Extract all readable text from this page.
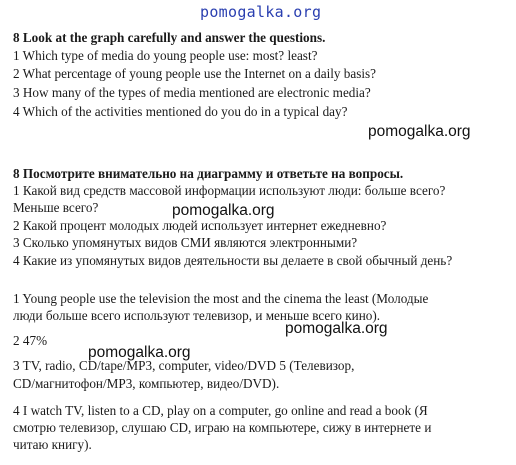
pomogalka.org
8 Look at the graph carefully and answer the questions.
1 Which type of media do young people use: most? least?
2 What percentage of young people use the Internet on a daily basis?
3 How many of the types of media mentioned are electronic media?
4 Which of the activities mentioned do you do in a typical day?
pomogalka.org
8 Посмотрите внимательно на диаграмму и ответьте на вопросы.
1 Какой вид средств массовой информации используют люди: больше всего?
Меньше всего?
2 Какой процент молодых людей использует интернет ежедневно?
3 Сколько упомянутых видов СМИ являются электронными?
4 Какие из упомянутых видов деятельности вы делаете в свой обычный день?
pomogalka.org
1 Young people use the television the most and the cinema the least (Молодые
люди больше всего используют телевизор, и меньше всего кино).
2 47%
3 TV, radio, CD/tape/MP3, computer, video/DVD 5 (Телевизор,
CD/магнитофон/MP3, компьютер, видео/DVD).
4 I watch TV, listen to a CD, play on a computer, go online and read a book (Я
смотрю телевизор, слушаю CD, играю на компьютере, сижу в интернете и
читаю книгу).
pomogalka.org
pomogalka.org
